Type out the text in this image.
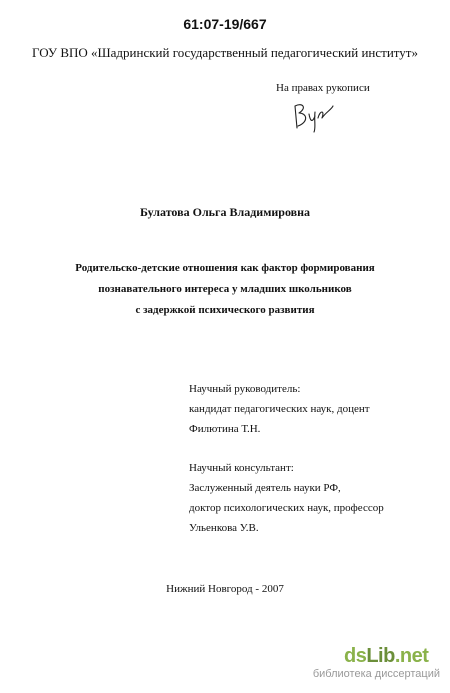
61:07-19/667
ГОУ ВПО «Шадринский государственный педагогический институт»
На правах рукописи
Булатова Ольга Владимировна
Родительско-детские отношения как фактор формирования
познавательного интереса у младших школьников
с задержкой психического развития
Научный руководитель:
кандидат педагогических наук, доцент
Филютина Т.Н.
Научный консультант:
Заслуженный деятель науки РФ,
доктор психологических наук, профессор
Ульенкова У.В.
Нижний Новгород - 2007
dsLib.net
библиотека диссертаций
